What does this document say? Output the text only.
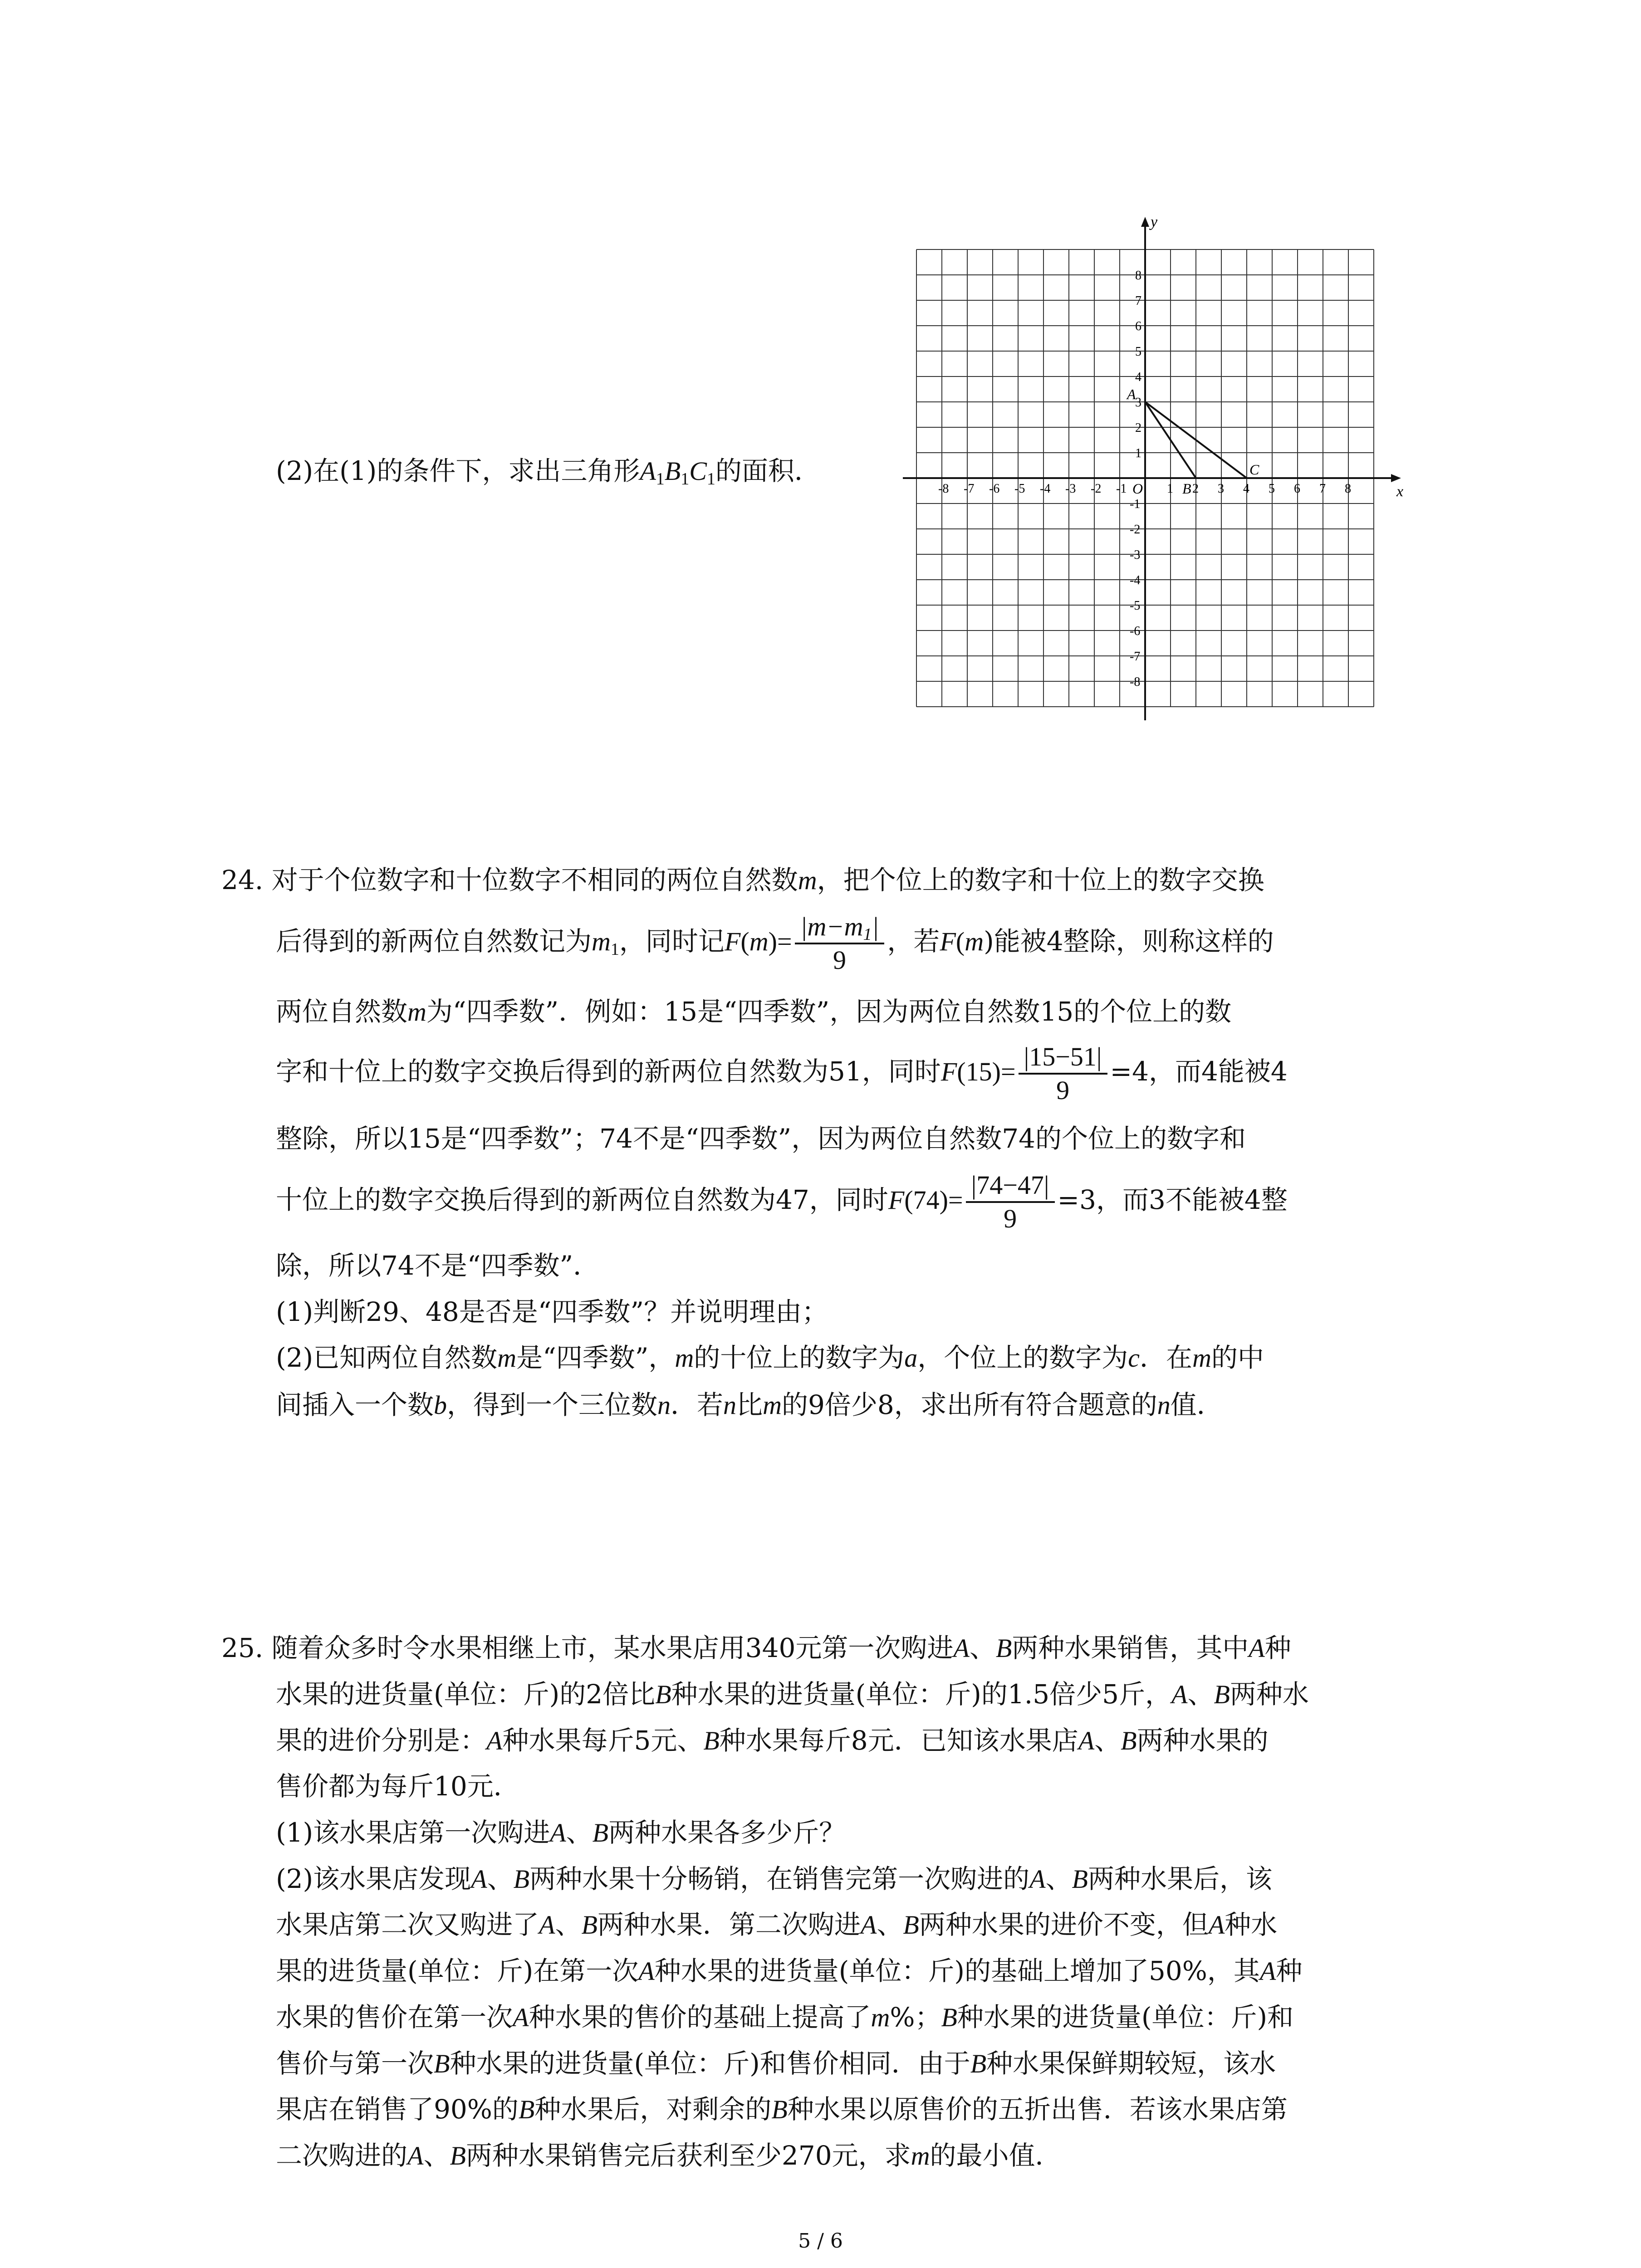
(2)在(1)的条件下，求出三角形$A_1B_1C_1$的面积．
x
y
O
-8 -7 -6 -5 -4 -3 -2 -1	1 2 3 4 5 6 7 8
8
7
6
5
4
3
2
1
-1
-2
-3
-4
-5
-6
-7
-8
A
B
C
24. 对于个位数字和十位数字不相同的两位自然数m，把个位上的数字和十位上的数字交换
后得到的新两位自然数记为$m_1$，同时记$F(m)= \frac{|m-m_1|}{9}$ ，若F(m)能被4整除，则称这样的
两位自然数m为“四季数”．例如：15是“四季数”，因为两位自然数15的个位上的数
字和十位上的数字交换后得到的新两位自然数为51，同时$F(15)= \frac{|15-51|}{9} =4$，而4能被4
整除，所以15是“四季数”；74不是“四季数”，因为两位自然数74的个位上的数字和
十位上的数字交换后得到的新两位自然数为47，同时$F(74)= \frac{|74-47|}{9} =3$，而3不能被4整
除，所以74不是“四季数”．
(1)判断29、48是否是“四季数”？并说明理由；
(2)已知两位自然数m是“四季数”，m的十位上的数字为a，个位上的数字为c．在m的中
间插入一个数b，得到一个三位数n．若n比m的9倍少8，求出所有符合题意的n值．
25. 随着众多时令水果相继上市，某水果店用340元第一次购进A、B两种水果销售，其中A种
水果的进货量(单位：斤)的2倍比B种水果的进货量(单位：斤)的1.5倍少5斤，A、B两种水
果的进价分别是：A种水果每斤5元、B种水果每斤8元．已知该水果店A、B两种水果的
售价都为每斤10元．
(1)该水果店第一次购进A、B两种水果各多少斤？
(2)该水果店发现A、B两种水果十分畅销，在销售完第一次购进的A、B两种水果后，该
水果店第二次又购进了A、B两种水果．第二次购进A、B两种水果的进价不变，但A种水
果的进货量(单位：斤)在第一次A种水果的进货量(单位：斤)的基础上增加了50%，其A种
水果的售价在第一次A种水果的售价的基础上提高了m%；B种水果的进货量(单位：斤)和
售价与第一次B种水果的进货量(单位：斤)和售价相同．由于B种水果保鲜期较短，该水
果店在销售了90%的B种水果后，对剩余的B种水果以原售价的五折出售．若该水果店第
二次购进的A、B两种水果销售完后获利至少270元，求m的最小值．
5 / 6
